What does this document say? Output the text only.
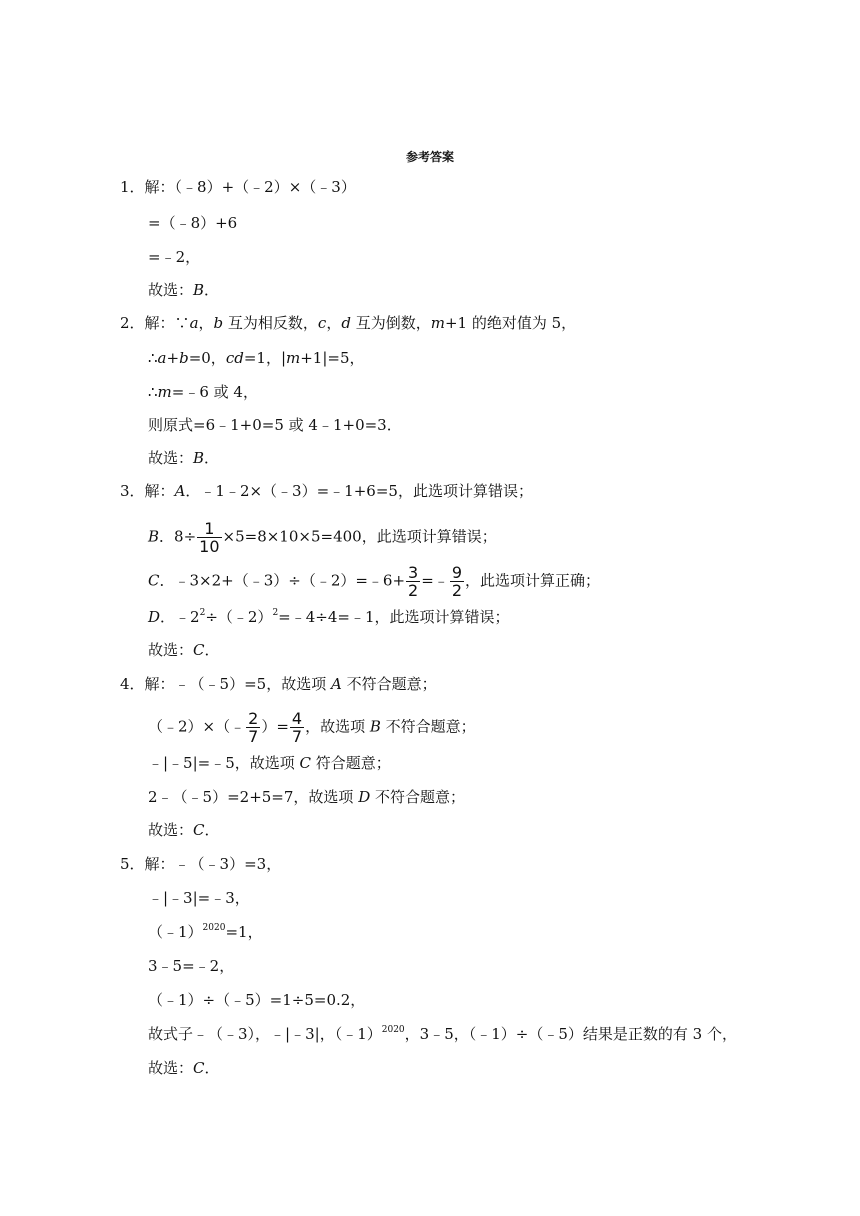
参考答案
1．解：（﹣8）+（﹣2）×（﹣3）
=（﹣8）+6
=﹣2，
故选：B．
2．解：∵a，b 互为相反数，c，d 互为倒数，m+1 的绝对值为 5，
∴a+b=0，cd=1，|m+1|=5，
∴m=﹣6 或 4，
则原式=6﹣1+0=5 或 4﹣1+0=3．
故选：B．
3．解：A．﹣1﹣2×（﹣3）=﹣1+6=5，此选项计算错误；
B．$8\div \frac{1}{10} \times 5=8\times 10\times 5=400$，此选项计算错误；
C．﹣3×2+（﹣3）÷（﹣2）=﹣6+ $\frac{3}{2}$ =﹣ $\frac{9}{2}$ ，此选项计算正确；
D．$﹣2^2\div(﹣2)^2=﹣4\div 4=﹣1$，此选项计算错误；
故选：C．
4．解：﹣（﹣5）=5，故选项 A 不符合题意；
（﹣2）×（﹣ $\frac{2}{7}$ ）= $\frac{4}{7}$ ，故选项 B 不符合题意；
﹣|﹣5|=﹣5，故选项 C 符合题意；
2﹣（﹣5）=2+5=7，故选项 D 不符合题意；
故选：C．
5．解：﹣（﹣3）=3，
﹣|﹣3|=﹣3，
（﹣1）$^{2020}$=1，
3﹣5=﹣2，
（﹣1）÷（﹣5）=1÷5=0.2，
故式子﹣（﹣3），﹣|﹣3|，（﹣1）$^{2020}$，3﹣5，（﹣1）÷（﹣5）结果是正数的有 3 个，
故选：C．
